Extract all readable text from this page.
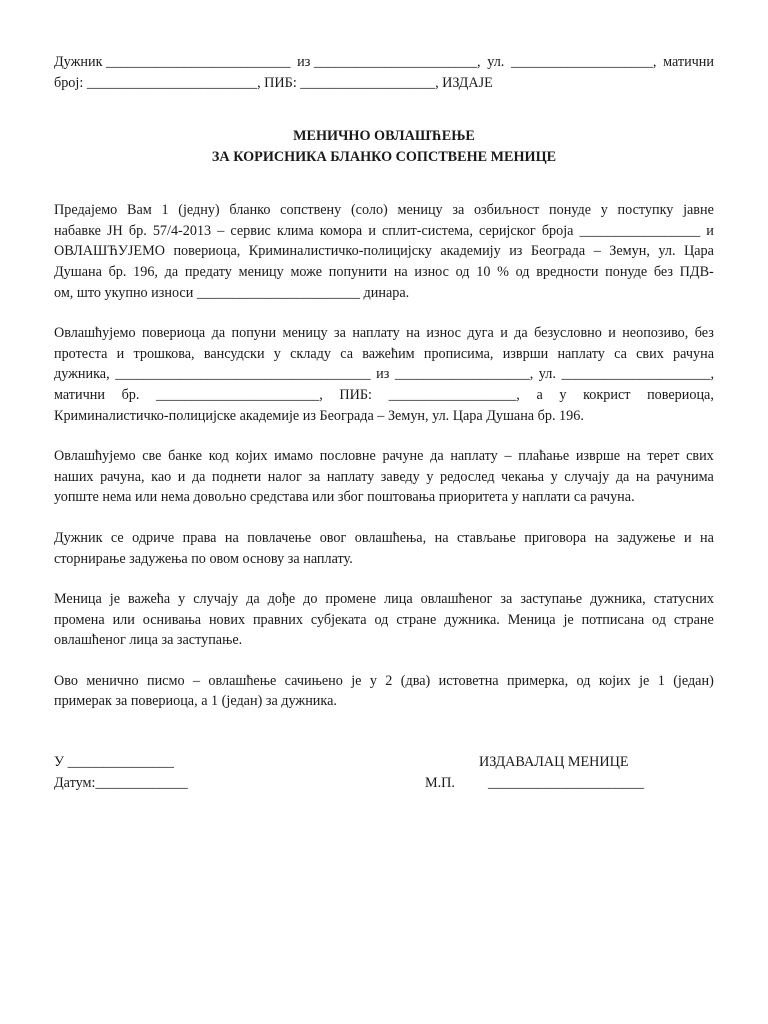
Дужник __________________________ из _______________________, ул. ____________________, матични
број: ________________________, ПИБ: ___________________, ИЗДАЈЕ
МЕНИЧНО ОВЛАШЋЕЊЕ
ЗА КОРИСНИКА БЛАНКО СОПСТВЕНЕ МЕНИЦЕ
Предајемо Вам 1 (једну) бланко сопствену (соло) меницу за озбиљност понуде у поступку јавне
набавке ЈН бр. 57/4-2013 – сервис клима комора и сплит-система, серијског броја _________________ и
ОВЛАШЋУЈЕМО повериоца, Криминалистичко-полицијску академију из Београда – Земун, ул. Цара
Душана бр. 196, да предату меницу може попунити на износ од 10 % од вредности понуде без ПДВ-
ом, што укупно износи _______________________ динара.
Овлашћујемо повериоца да попуни меницу за наплату на износ дуга и да безусловно и неопозиво, без
протеста и трошкова, вансудски у складу са важећим прописима, изврши наплату са свих рачуна
дужника, ____________________________________ из ___________________, ул. _____________________,
матични бр. _______________________, ПИБ: __________________, а у кокрист повериоца,
Криминалистичко-полицијске академије из Београда – Земун, ул. Цара Душана бр. 196.
Овлашћујемо све банке код којих имамо пословне рачуне да наплату – плаћање изврше на терет свих
наших рачуна, као и да поднети налог за наплату заведу у редослед чекања у случају да на рачунима
уопште нема или нема довољно средстава или због поштовања приоритета у наплати са рачуна.
Дужник се одриче права на повлачење овог овлашћења, на стављање приговора на задужење и на
сторнирање задужења по овом основу за наплату.
Меница је важећа у случају да дође до промене лица овлашћеног за заступање дужника, статусних
промена или оснивања нових правних субјеката од стране дужника. Меница је потписана од стране
овлашћеног лица за заступање.
Ово менично писмо – овлашћење сачињено је у 2 (два) истоветна примерка, од којих је 1 (један)
примерак за повериоца, а 1 (један) за дужника.
У _______________
Датум:_____________
ИЗДАВАЛАЦ МЕНИЦЕ
М.П. ______________________
